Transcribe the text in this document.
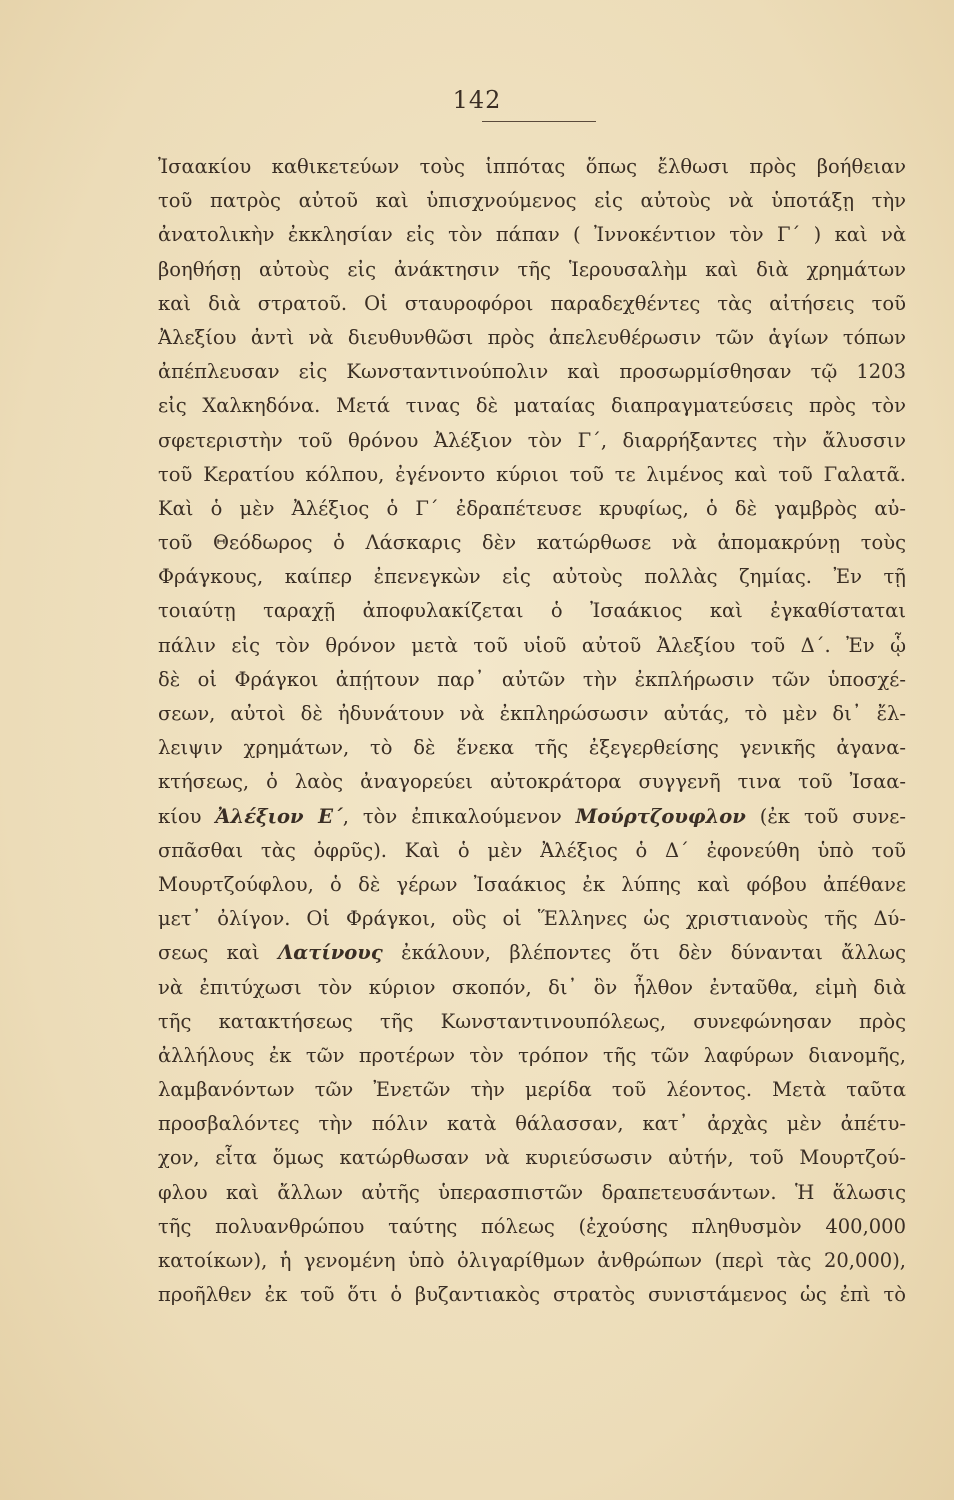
142
Ἰσαακίου καθικετεύων τοὺς ἱππότας ὅπως ἔλθωσι πρὸς βοήθειαν
τοῦ πατρὸς αὐτοῦ καὶ ὑπισχνούμενος εἰς αὐτοὺς νὰ ὑποτάξῃ τὴν
ἀνατολικὴν ἐκκλησίαν εἰς τὸν πάπαν ( Ἰννοκέντιον τὸν Γ΄ ) καὶ νὰ
βοηθήσῃ αὐτοὺς εἰς ἀνάκτησιν τῆς Ἱερουσαλὴμ καὶ διὰ χρημάτων
καὶ διὰ στρατοῦ. Οἱ σταυροφόροι παραδεχθέντες τὰς αἰτήσεις τοῦ
Ἀλεξίου ἀντὶ νὰ διευθυνθῶσι πρὸς ἀπελευθέρωσιν τῶν ἁγίων τόπων
ἀπέπλευσαν εἰς Κωνσταντινούπολιν καὶ προσωρμίσθησαν τῷ 1203
εἰς Χαλκηδόνα. Μετά τινας δὲ ματαίας διαπραγματεύσεις πρὸς τὸν
σφετεριστὴν τοῦ θρόνου Ἀλέξιον τὸν Γ΄, διαρρήξαντες τὴν ἄλυσσιν
τοῦ Κερατίου κόλπου, ἐγένοντο κύριοι τοῦ τε λιμένος καὶ τοῦ Γαλατᾶ.
Καὶ ὁ μὲν Ἀλέξιος ὁ Γ΄ ἐδραπέτευσε κρυφίως, ὁ δὲ γαμβρὸς αὐ-
τοῦ Θεόδωρος ὁ Λάσκαρις δὲν κατώρθωσε νὰ ἀπομακρύνῃ τοὺς
Φράγκους, καίπερ ἐπενεγκὼν εἰς αὐτοὺς πολλὰς ζημίας. Ἐν τῇ
τοιαύτῃ ταραχῇ ἀποφυλακίζεται ὁ Ἰσαάκιος καὶ ἐγκαθίσταται
πάλιν εἰς τὸν θρόνον μετὰ τοῦ υἱοῦ αὐτοῦ Ἀλεξίου τοῦ Δ΄. Ἐν ᾧ
δὲ οἱ Φράγκοι ἀπῄτουν παρ᾽ αὐτῶν τὴν ἐκπλήρωσιν τῶν ὑποσχέ-
σεων, αὐτοὶ δὲ ἠδυνάτουν νὰ ἐκπληρώσωσιν αὐτάς, τὸ μὲν δι᾽ ἔλ-
λειψιν χρημάτων, τὸ δὲ ἕνεκα τῆς ἐξεγερθείσης γενικῆς ἀγανα-
κτήσεως, ὁ λαὸς ἀναγορεύει αὐτοκράτορα συγγενῆ τινα τοῦ Ἰσαα-
κίου Ἀλέξιον Ε΄, τὸν ἐπικαλούμενον Μούρτζουφλον (ἐκ τοῦ συνε-
σπᾶσθαι τὰς ὀφρῦς). Καὶ ὁ μὲν Ἀλέξιος ὁ Δ΄ ἐφονεύθη ὑπὸ τοῦ
Μουρτζούφλου, ὁ δὲ γέρων Ἰσαάκιος ἐκ λύπης καὶ φόβου ἀπέθανε
μετ᾽ ὀλίγον. Οἱ Φράγκοι, οὓς οἱ Ἕλληνες ὡς χριστιανοὺς τῆς Δύ-
σεως καὶ Λατίνους ἐκάλουν, βλέποντες ὅτι δὲν δύνανται ἄλλως
νὰ ἐπιτύχωσι τὸν κύριον σκοπόν, δι᾽ ὃν ἦλθον ἐνταῦθα, εἰμὴ διὰ
τῆς κατακτήσεως τῆς Κωνσταντινουπόλεως, συνεφώνησαν πρὸς
ἀλλήλους ἐκ τῶν προτέρων τὸν τρόπον τῆς τῶν λαφύρων διανομῆς,
λαμβανόντων τῶν Ἐνετῶν τὴν μερίδα τοῦ λέοντος. Μετὰ ταῦτα
προσβαλόντες τὴν πόλιν κατὰ θάλασσαν, κατ᾽ ἀρχὰς μὲν ἀπέτυ-
χον, εἶτα ὅμως κατώρθωσαν νὰ κυριεύσωσιν αὐτήν, τοῦ Μουρτζού-
φλου καὶ ἄλλων αὐτῆς ὑπερασπιστῶν δραπετευσάντων. Ἡ ἅλωσις
τῆς πολυανθρώπου ταύτης πόλεως (ἐχούσης πληθυσμὸν 400,000
κατοίκων), ἡ γενομένη ὑπὸ ὀλιγαρίθμων ἀνθρώπων (περὶ τὰς 20,000),
προῆλθεν ἐκ τοῦ ὅτι ὁ βυζαντιακὸς στρατὸς συνιστάμενος ὡς ἐπὶ τὸ
